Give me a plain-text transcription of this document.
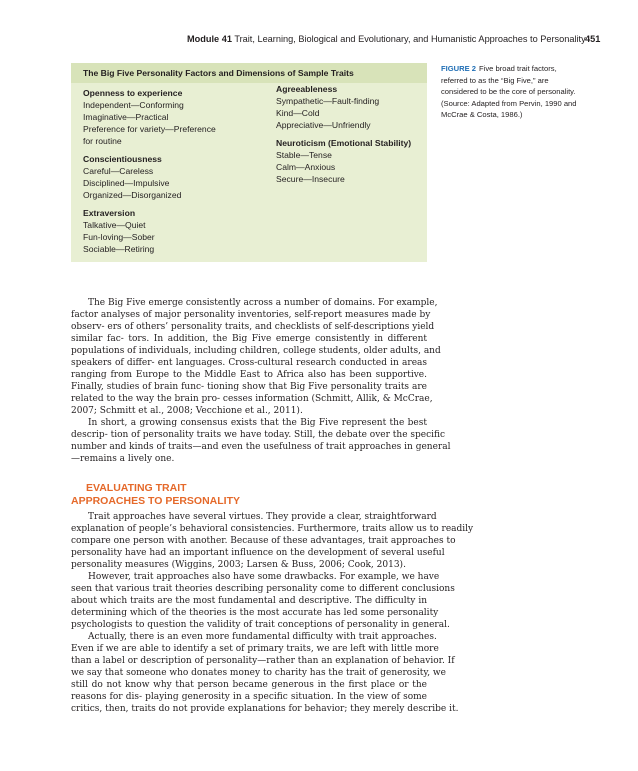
Module 41 Trait, Learning, Biological and Evolutionary, and Humanistic Approaches to Personality 451
The Big Five Personality Factors and Dimensions of Sample Traits
Openness to experience
Independent—Conforming
Imaginative—Practical
Preference for variety—Preference
for routine
Conscientiousness
Careful—Careless
Disciplined—Impulsive
Organized—Disorganized
Extraversion
Talkative—Quiet
Fun-loving—Sober
Sociable—Retiring
Agreeableness
Sympathetic—Fault-finding
Kind—Cold
Appreciative—Unfriendly
Neuroticism (Emotional Stability)
Stable—Tense
Calm—Anxious
Secure—Insecure
FIGURE 2 Five broad trait factors,
referred to as the “Big Five,” are
considered to be the core of personality.
(Source: Adapted from Pervin, 1990 and
McCrae & Costa, 1986.)
The Big Five emerge consistently across a number of domains. For example,
factor analyses of major personality inventories, self-report measures made by
observ- ers of others’ personality traits, and checklists of self-descriptions yield
similar fac- tors. In addition, the Big Five emerge consistently in different
populations of individuals, including children, college students, older adults, and
speakers of differ- ent languages. Cross-cultural research conducted in areas
ranging from Europe to the Middle East to Africa also has been supportive.
Finally, studies of brain func- tioning show that Big Five personality traits are
related to the way the brain pro- cesses information (Schmitt, Allik, & McCrae,
2007; Schmitt et al., 2008; Vecchione et al., 2011).
In short, a growing consensus exists that the Big Five represent the best
descrip- tion of personality traits we have today. Still, the debate over the specific
number and kinds of traits—and even the usefulness of trait approaches in general
—remains a lively one.
EVALUATING TRAIT
APPROACHES TO PERSONALITY
Trait approaches have several virtues. They provide a clear, straightforward
explanation of people’s behavioral consistencies. Furthermore, traits allow us to readily
compare one person with another. Because of these advantages, trait approaches to
personality have had an important influence on the development of several useful
personality measures (Wiggins, 2003; Larsen & Buss, 2006; Cook, 2013).
However, trait approaches also have some drawbacks. For example, we have
seen that various trait theories describing personality come to different conclusions
about which traits are the most fundamental and descriptive. The difficulty in
determining which of the theories is the most accurate has led some personality
psychologists to question the validity of trait conceptions of personality in general.
Actually, there is an even more fundamental difficulty with trait approaches.
Even if we are able to identify a set of primary traits, we are left with little more
than a label or description of personality—rather than an explanation of behavior. If
we say that someone who donates money to charity has the trait of generosity, we
still do not know why that person became generous in the first place or the
reasons for dis- playing generosity in a specific situation. In the view of some
critics, then, traits do not provide explanations for behavior; they merely describe it.
